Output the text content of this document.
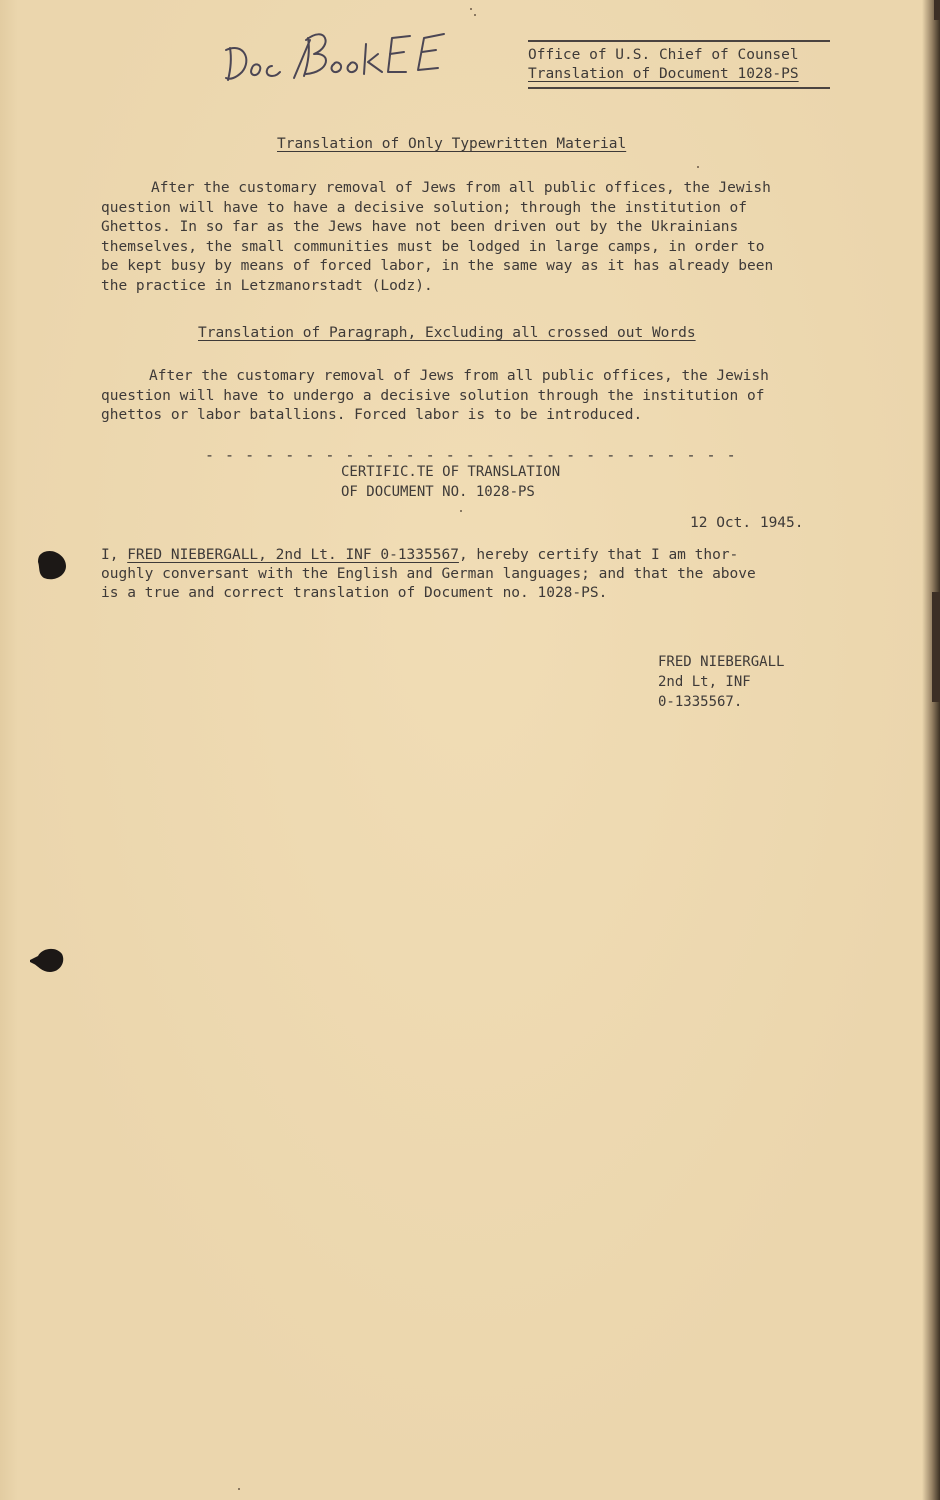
Office of U.S. Chief of Counsel
Translation of Document 1028-PS
Translation of Only Typewritten Material
After the customary removal of Jews from all public offices, the Jewish
question will have to have a decisive solution; through the institution of
Ghettos. In so far as the Jews have not been driven out by the Ukrainians
themselves, the small communities must be lodged in large camps, in order to
be kept busy by means of forced labor, in the same way as it has already been
the practice in Letzmanorstadt (Lodz).
Translation of Paragraph, Excluding all crossed out Words
After the customary removal of Jews from all public offices, the Jewish
question will have to undergo a decisive solution through the institution of
ghettos or labor batallions. Forced labor is to be introduced.
- - - - - - - - - - - - - - - - - - - - - - - - - - -
CERTIFIC.TE OF TRANSLATION
OF DOCUMENT NO. 1028-PS
12 Oct. 1945.
I, FRED NIEBERGALL, 2nd Lt. INF 0-1335567, hereby certify that I am thor-
oughly conversant with the English and German languages; and that the above
is a true and correct translation of Document no. 1028-PS.
FRED NIEBERGALL
2nd Lt, INF
0-1335567.
